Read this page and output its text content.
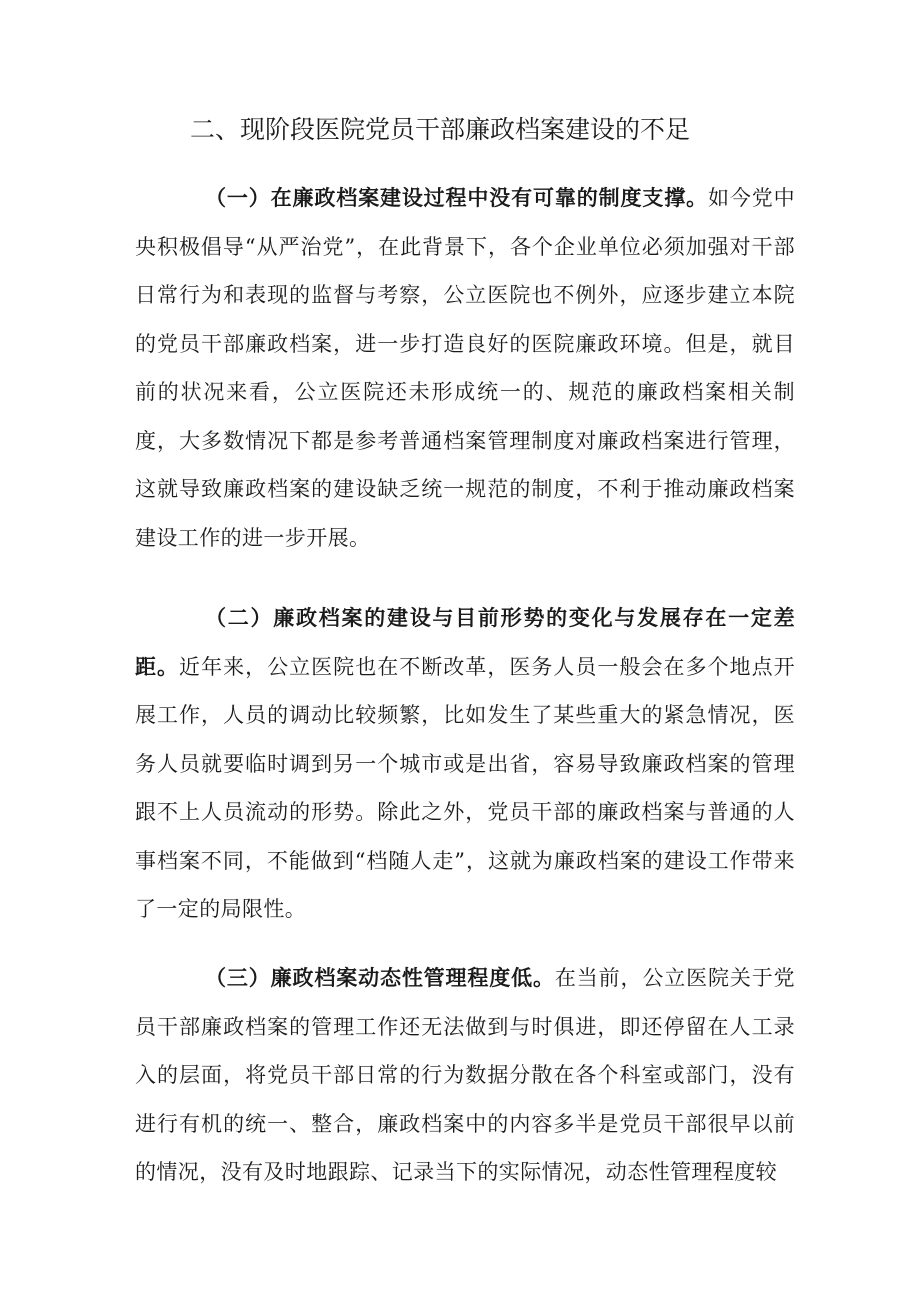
二、现阶段医院党员干部廉政档案建设的不足

（一）在廉政档案建设过程中没有可靠的制度支撑。如今党中央积极倡导“从严治党”，在此背景下，各个企业单位必须加强对干部日常行为和表现的监督与考察，公立医院也不例外，应逐步建立本院的党员干部廉政档案，进一步打造良好的医院廉政环境。但是，就目前的状况来看，公立医院还未形成统一的、规范的廉政档案相关制度，大多数情况下都是参考普通档案管理制度对廉政档案进行管理，这就导致廉政档案的建设缺乏统一规范的制度，不利于推动廉政档案建设工作的进一步开展。

（二）廉政档案的建设与目前形势的变化与发展存在一定差距。近年来，公立医院也在不断改革，医务人员一般会在多个地点开展工作，人员的调动比较频繁，比如发生了某些重大的紧急情况，医务人员就要临时调到另一个城市或是出省，容易导致廉政档案的管理跟不上人员流动的形势。除此之外，党员干部的廉政档案与普通的人事档案不同，不能做到“档随人走”，这就为廉政档案的建设工作带来了一定的局限性。

（三）廉政档案动态性管理程度低。在当前，公立医院关于党员干部廉政档案的管理工作还无法做到与时俱进，即还停留在人工录入的层面，将党员干部日常的行为数据分散在各个科室或部门，没有进行有机的统一、整合，廉政档案中的内容多半是党员干部很早以前的情况，没有及时地跟踪、记录当下的实际情况，动态性管理程度较
